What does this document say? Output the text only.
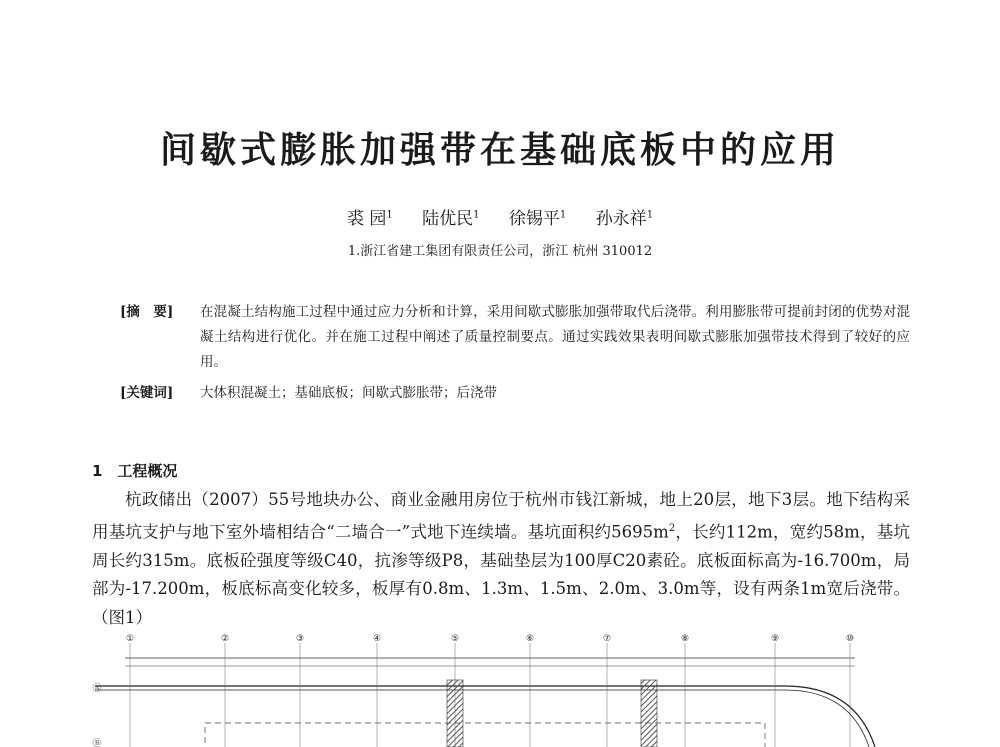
间歇式膨胀加强带在基础底板中的应用
裘 园$^1$ 陆优民$^1$ 徐锡平$^1$ 孙永祥$^1$
1.浙江省建工集团有限责任公司，浙江 杭州 310012
[摘　要]	在混凝土结构施工过程中通过应力分析和计算，采用间歇式膨胀加强带取代后浇带。利用膨胀带可提前封闭的优势对混凝土结构进行优化。并在施工过程中阐述了质量控制要点。通过实践效果表明间歇式膨胀加强带技术得到了较好的应用。
[关键词]	大体积混凝土；基础底板；间歇式膨胀带；后浇带
1　工程概况
杭政储出（2007）55号地块办公、商业金融用房位于杭州市钱江新城，地上20层，地下3层。地下结构采用基坑支护与地下室外墙相结合“二墙合一”式地下连续墙。基坑面积约$5695m^2$，长约112m，宽约58m，基坑周长约315m。底板砼强度等级C40，抗渗等级P8，基础垫层为100厚C20素砼。底板面标高为-16.700m，局部为-17.200m，板底标高变化较多，板厚有0.8m、1.3m、1.5m、2.0m、3.0m等，设有两条1m宽后浇带。（图1）
①	②	③	④	⑤	⑥	⑦	⑧	⑨	⑩
Ⓐ
Ⓑ
